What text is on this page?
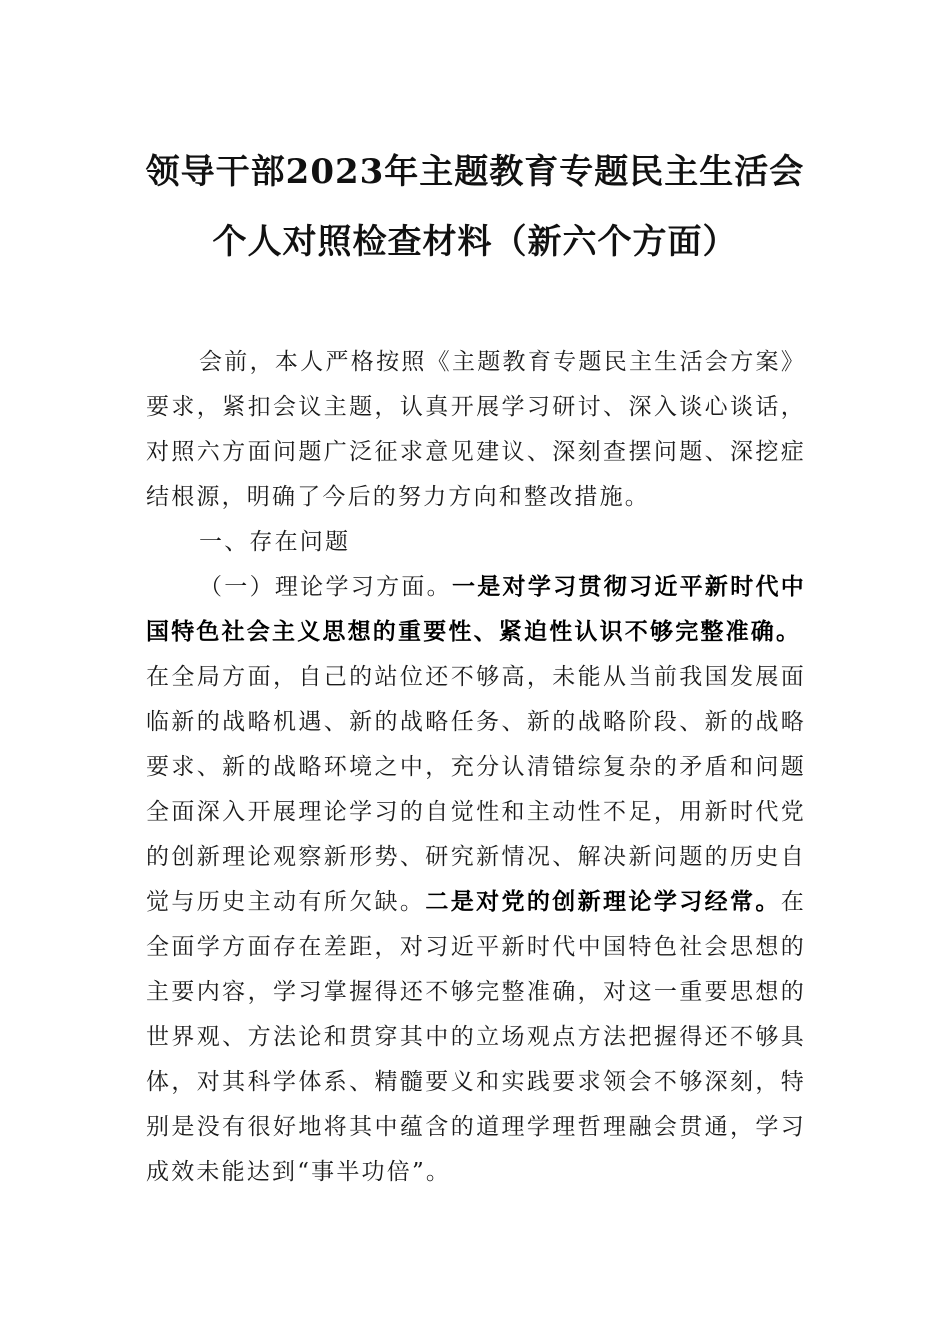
领导干部2023年主题教育专题民主生活会
个人对照检查材料（新六个方面）
会前，本人严格按照《主题教育专题民主生活会方案》
要求，紧扣会议主题，认真开展学习研讨、深入谈心谈话，
对照六方面问题广泛征求意见建议、深刻查摆问题、深挖症
结根源，明确了今后的努力方向和整改措施。
一、存在问题
（一）理论学习方面。一是对学习贯彻习近平新时代中
国特色社会主义思想的重要性、紧迫性认识不够完整准确。
在全局方面，自己的站位还不够高，未能从当前我国发展面
临新的战略机遇、新的战略任务、新的战略阶段、新的战略
要求、新的战略环境之中，充分认清错综复杂的矛盾和问题
全面深入开展理论学习的自觉性和主动性不足，用新时代党
的创新理论观察新形势、研究新情况、解决新问题的历史自
觉与历史主动有所欠缺。二是对党的创新理论学习经常。在
全面学方面存在差距，对习近平新时代中国特色社会思想的
主要内容，学习掌握得还不够完整准确，对这一重要思想的
世界观、方法论和贯穿其中的立场观点方法把握得还不够具
体，对其科学体系、精髓要义和实践要求领会不够深刻，特
别是没有很好地将其中蕴含的道理学理哲理融会贯通，学习
成效未能达到“事半功倍”。
